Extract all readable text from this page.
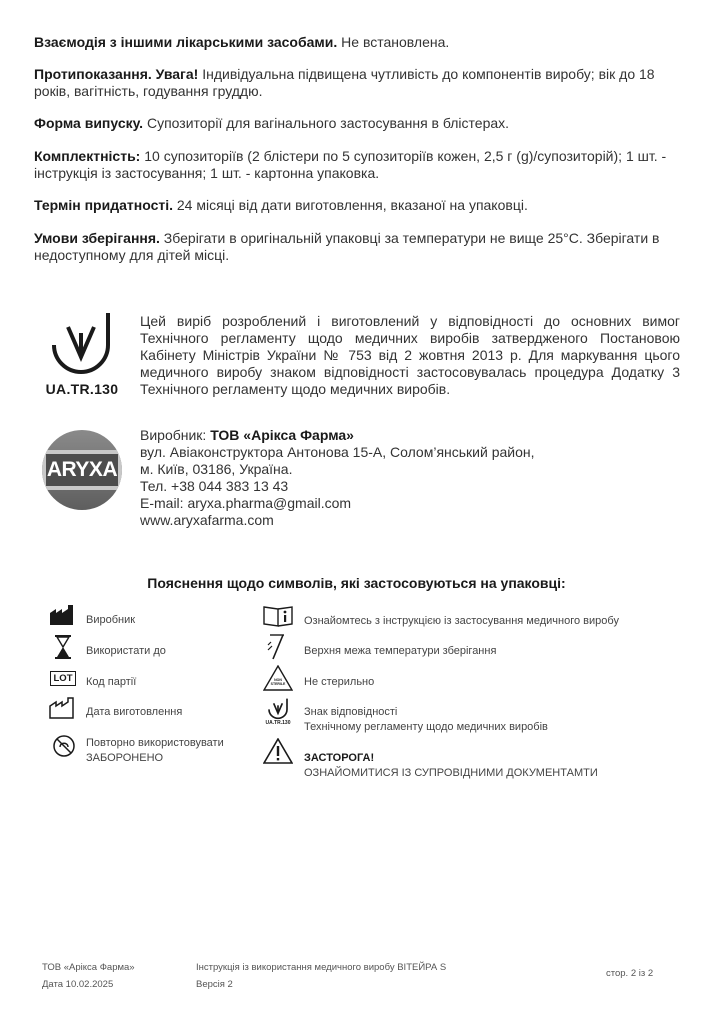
Взаємодія з іншими лікарськими засобами. Не встановлена.
Протипоказання. Увага! Індивідуальна підвищена чутливість до компонентів виробу; вік до 18 років, вагітність, годування груддю.
Форма випуску. Супозиторії для вагінального застосування в блістерах.
Комплектність: 10 супозиторіїв (2 блістери по 5 супозиторіїв кожен, 2,5 г (g)/супозиторій); 1 шт. - інструкція із застосування; 1 шт. - картонна упаковка.
Термін придатності. 24 місяці від дати виготовлення, вказаної на упаковці.
Умови зберігання. Зберігати в оригінальній упаковці за температури не вище 25°С. Зберігати в недоступному для дітей місці.
UA.TR.130
Цей виріб розроблений і виготовлений у відповідності до основних вимог Технічного регламенту щодо медичних виробів затвердженого Постановою Кабінету Міністрів України № 753 від 2 жовтня 2013 р. Для маркування цього медичного виробу знаком відповідності застосовувалась процедура Додатку 3 Технічного регламенту щодо медичних виробів.
ARYXA
Виробник: ТОВ «Арікса Фарма»
вул. Авіаконструктора Антонова 15-А, Солом’янський район,
м. Київ, 03186, Україна.
Тел. +38 044 383 13 43
E-mail: aryxa.pharma@gmail.com
www.aryxafarma.com
Пояснення щодо символів, які застосовуються на упаковці:
Виробник
Використати до
LOT	Код партії
Дата виготовлення
Повторно використовувати
ЗАБОРОНЕНО
Ознайомтесь з інструкцією із застосування медичного виробу
Верхня межа температури зберігання
NON STERILE Не стерильно
UA.TR.130
Знак відповідності
Технічному регламенту щодо медичних виробів
ЗАСТОРОГА!
ОЗНАЙОМИТИСЯ ІЗ СУПРОВІДНИМИ ДОКУМЕНТАМТИ
ТОВ «Арікса Фарма»
Дата 10.02.2025
Інструкція із використання медичного виробу ВІТЕЙРА S
Версія 2
стор. 2 із 2
